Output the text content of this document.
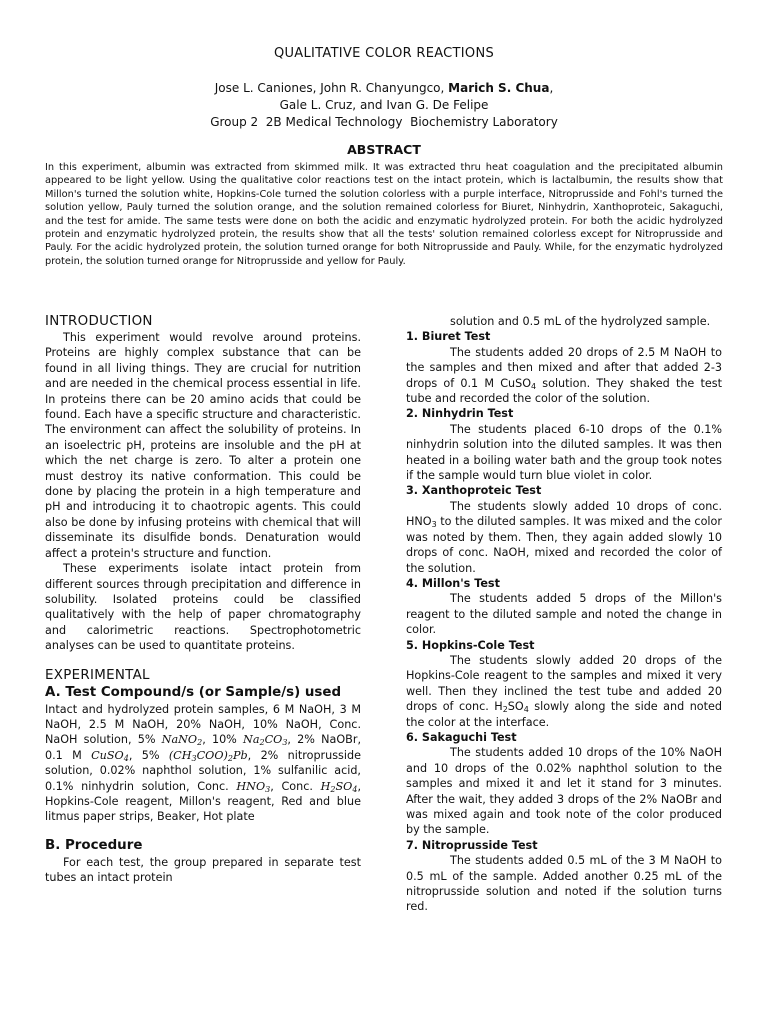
QUALITATIVE COLOR REACTIONS
Jose L. Caniones, John R. Chanyungco, Marich S. Chua,
Gale L. Cruz, and Ivan G. De Felipe
Group 2  2B Medical Technology  Biochemistry Laboratory
ABSTRACT
In this experiment, albumin was extracted from skimmed milk. It was extracted thru heat coagulation and the precipitated albumin appeared to be light yellow. Using the qualitative color reactions test on the intact protein, which is lactalbumin, the results show that Millon's turned the solution white, Hopkins-Cole turned the solution colorless with a purple interface, Nitroprusside and Fohl's turned the solution yellow, Pauly turned the solution orange, and the solution remained colorless for Biuret, Ninhydrin, Xanthoproteic, Sakaguchi, and the test for amide. The same tests were done on both the acidic and enzymatic hydrolyzed protein. For both the acidic hydrolyzed protein and enzymatic hydrolyzed protein, the results show that all the tests' solution remained colorless except for Nitroprusside and Pauly. For the acidic hydrolyzed protein, the solution turned orange for both Nitroprusside and Pauly. While, for the enzymatic hydrolyzed protein, the solution turned orange for Nitroprusside and yellow for Pauly.

INTRODUCTION

This experiment would revolve around proteins. Proteins are highly complex substance that can be found in all living things. They are crucial for nutrition and are needed in the chemical process essential in life. In proteins there can be 20 amino acids that could be found. Each have a specific structure and characteristic. The environment can affect the solubility of proteins. In an isoelectric pH, proteins are insoluble and the pH at which the net charge is zero. To alter a protein one must destroy its native conformation. This could be done by placing the protein in a high temperature and pH and introducing it to chaotropic agents. This could also be done by infusing proteins with chemical that will disseminate its disulfide bonds. Denaturation would affect a protein's structure and function.

These experiments isolate intact protein from different sources through precipitation and difference in solubility. Isolated proteins could be classified qualitatively with the help of paper chromatography and calorimetric reactions. Spectrophotometric analyses can be used to quantitate proteins.

EXPERIMENTAL

A. Test Compound/s (or Sample/s) used

Intact and hydrolyzed protein samples, 6 M NaOH, 3 M NaOH, 2.5 M NaOH, 20% NaOH, 10% NaOH, Conc. NaOH solution, 5% NaNO$_2$, 10% $Na_2CO_3$, 2% NaOBr, 0.1 M CuSO$_4$, 5% $(CH_3COO)_2Pb$, 2% nitroprusside solution, 0.02% naphthol solution, 1% sulfanilic acid, 0.1% ninhydrin solution, Conc. $HNO_3$, Conc. $H_2SO_4$, Hopkins-Cole reagent, Millon's reagent, Red and blue litmus paper strips, Beaker, Hot plate

B. Procedure

For each test, the group prepared in separate test tubes an intact protein

solution and 0.5 mL of the hydrolyzed sample.

1. Biuret Test

The students added 20 drops of 2.5 M NaOH to the samples and then mixed and after that added 2-3 drops of 0.1 M CuSO$_4$ solution. They shaked the test tube and recorded the color of the solution.

2. Ninhydrin Test

The students placed 6-10 drops of the 0.1% ninhydrin solution into the diluted samples. It was then heated in a boiling water bath and the group took notes if the sample would turn blue violet in color.

3. Xanthoproteic Test

The students slowly added 10 drops of conc. $HNO_3$ to the diluted samples. It was mixed and the color was noted by them. Then, they again added slowly 10 drops of conc. NaOH, mixed and recorded the color of the solution.

4. Millon's Test

The students added 5 drops of the Millon's reagent to the diluted sample and noted the change in color.

5. Hopkins-Cole Test

The students slowly added 20 drops of the Hopkins-Cole reagent to the samples and mixed it very well. Then they inclined the test tube and added 20 drops of conc. $H_2SO_4$ slowly along the side and noted the color at the interface.

6. Sakaguchi Test

The students added 10 drops of the 10% NaOH and 10 drops of the 0.02% naphthol solution to the samples and mixed it and let it stand for 3 minutes. After the wait, they added 3 drops of the 2% NaOBr and was mixed again and took note of the color produced by the sample.

7. Nitroprusside Test

The students added 0.5 mL of the 3 M NaOH to 0.5 mL of the sample. Added another 0.25 mL of the nitroprusside solution and noted if the solution turns red.
